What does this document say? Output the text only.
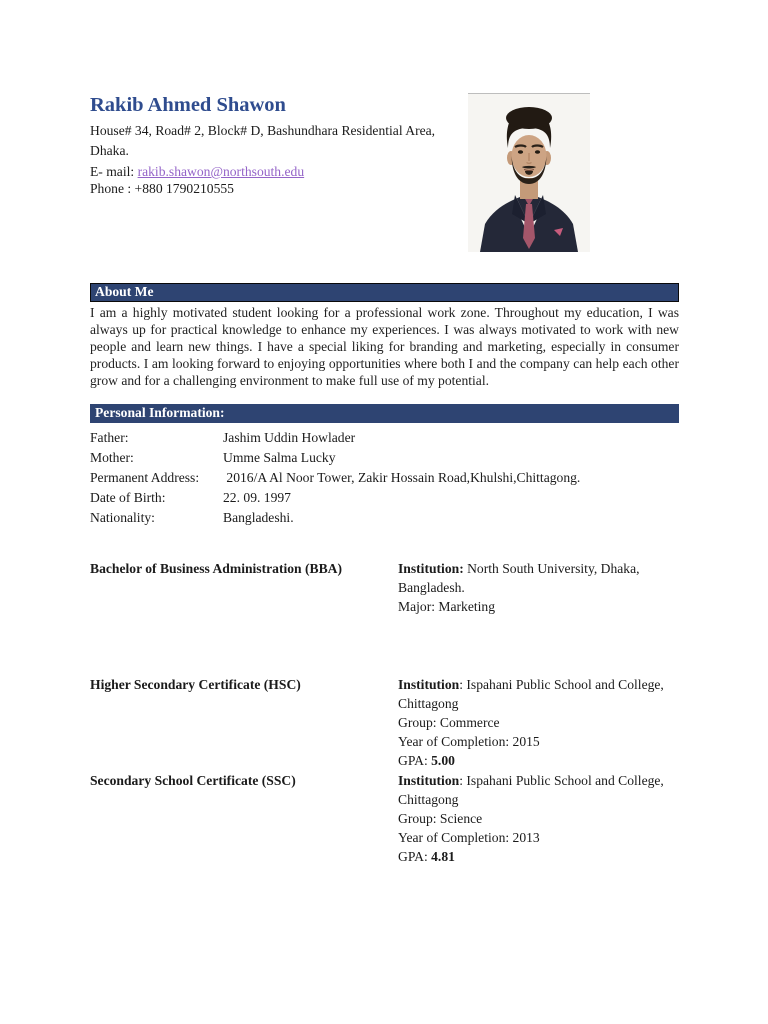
Rakib Ahmed Shawon
House# 34, Road# 2, Block# D, Bashundhara Residential Area,
Dhaka.
E- mail: rakib.shawon@northsouth.edu
Phone : +880 1790210555
About Me

I am a highly motivated student looking for a professional work zone. Throughout my education, I was always up for practical knowledge to enhance my experiences. I was always motivated to work with new people and learn new things. I have a special liking for branding and marketing, especially in consumer products. I am looking forward to enjoying opportunities where both I and the company can help each other grow and for a challenging environment to make full use of my potential.

Personal Information:
Father:	Jashim Uddin Howlader
Mother:	Umme Salma Lucky
Permanent Address: 2016/A Al Noor Tower, Zakir Hossain Road,Khulshi,Chittagong.
Date of Birth:	22. 09. 1997
Nationality:	Bangladeshi.
Bachelor of Business Administration (BBA)	Institution: North South University, Dhaka, Bangladesh.
Major: Marketing
Higher Secondary Certificate (HSC)	Institution: Ispahani Public School and College, Chittagong
Group: Commerce
Year of Completion: 2015
GPA: 5.00
Secondary School Certificate (SSC)	Institution: Ispahani Public School and College, Chittagong
Group: Science
Year of Completion: 2013
GPA: 4.81
